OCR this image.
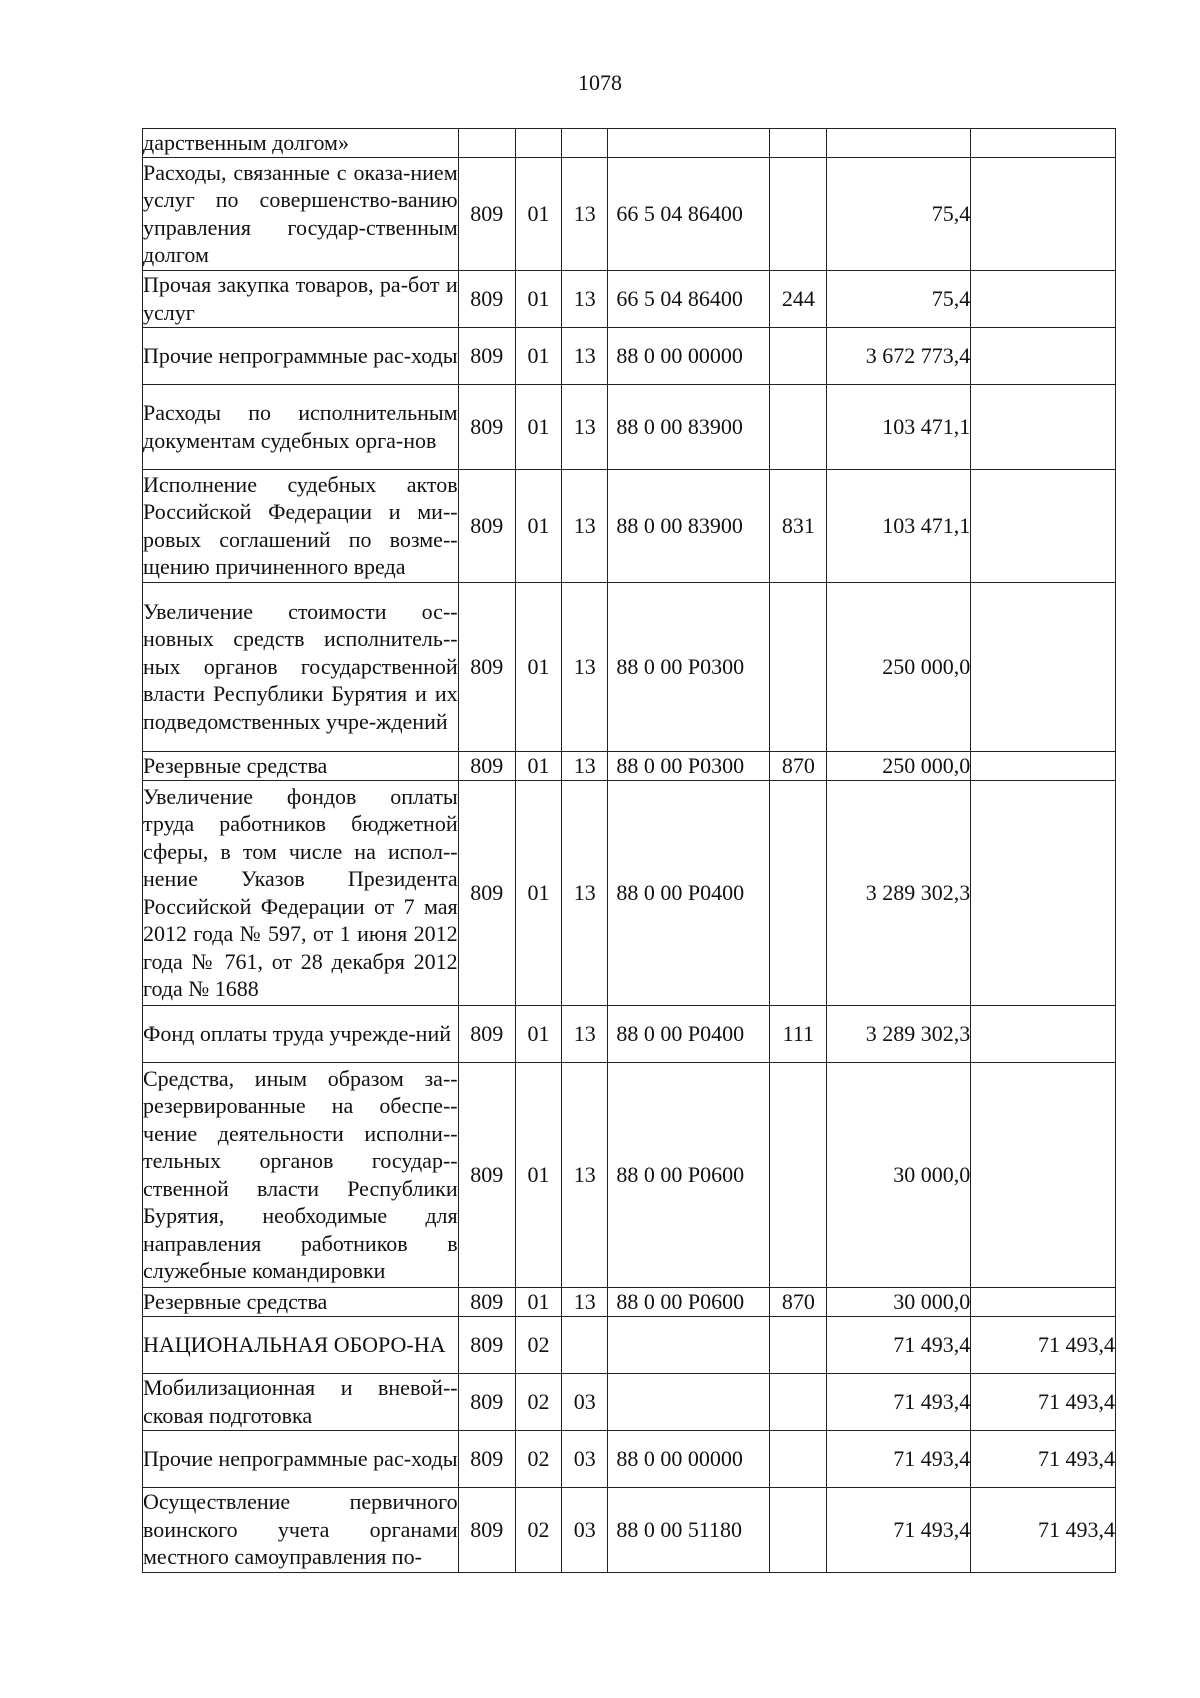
1078
дарственным долгом»							
Расходы, связанные с оказа-нием услуг по совершенство-ванию управления государ-ственным долгом	809	01	13	66 5 04 86400		75,4	
Прочая закупка товаров, ра-бот и услуг	809	01	13	66 5 04 86400	244	75,4	
Прочие непрограммные рас-ходы	809	01	13	88 0 00 00000		3 672 773,4	
Расходы по исполнительным документам судебных орга-нов	809	01	13	88 0 00 83900		103 471,1	
Исполнение судебных актов Российской Федерации и ми-ровых соглашений по возме-щению причиненного вреда	809	01	13	88 0 00 83900	831	103 471,1	
Увеличение стоимости ос-новных средств исполнитель-ных органов государственной власти Республики Бурятия и их подведомственных учре-ждений	809	01	13	88 0 00 Р0300		250 000,0	
Резервные средства	809	01	13	88 0 00 Р0300	870	250 000,0	
Увеличение фондов оплаты труда работников бюджетной сферы, в том числе на испол-нение Указов Президента Российской Федерации от 7 мая 2012 года № 597, от 1 июня 2012 года № 761, от 28 декабря 2012 года № 1688	809	01	13	88 0 00 Р0400		3 289 302,3	
Фонд оплаты труда учрежде-ний	809	01	13	88 0 00 Р0400	111	3 289 302,3	
Средства, иным образом за-резервированные на обеспе-чение деятельности исполни-тельных органов государ-ственной власти Республики Бурятия, необходимые для направления работников в служебные командировки	809	01	13	88 0 00 Р0600		30 000,0	
Резервные средства	809	01	13	88 0 00 Р0600	870	30 000,0	
НАЦИОНАЛЬНАЯ ОБОРО-НА	809	02				71 493,4	71 493,4
Мобилизационная и вневой-сковая подготовка	809	02	03			71 493,4	71 493,4
Прочие непрограммные рас-ходы	809	02	03	88 0 00 00000		71 493,4	71 493,4
Осуществление первичного воинского учета органами местного самоуправления по-	809	02	03	88 0 00 51180		71 493,4	71 493,4
